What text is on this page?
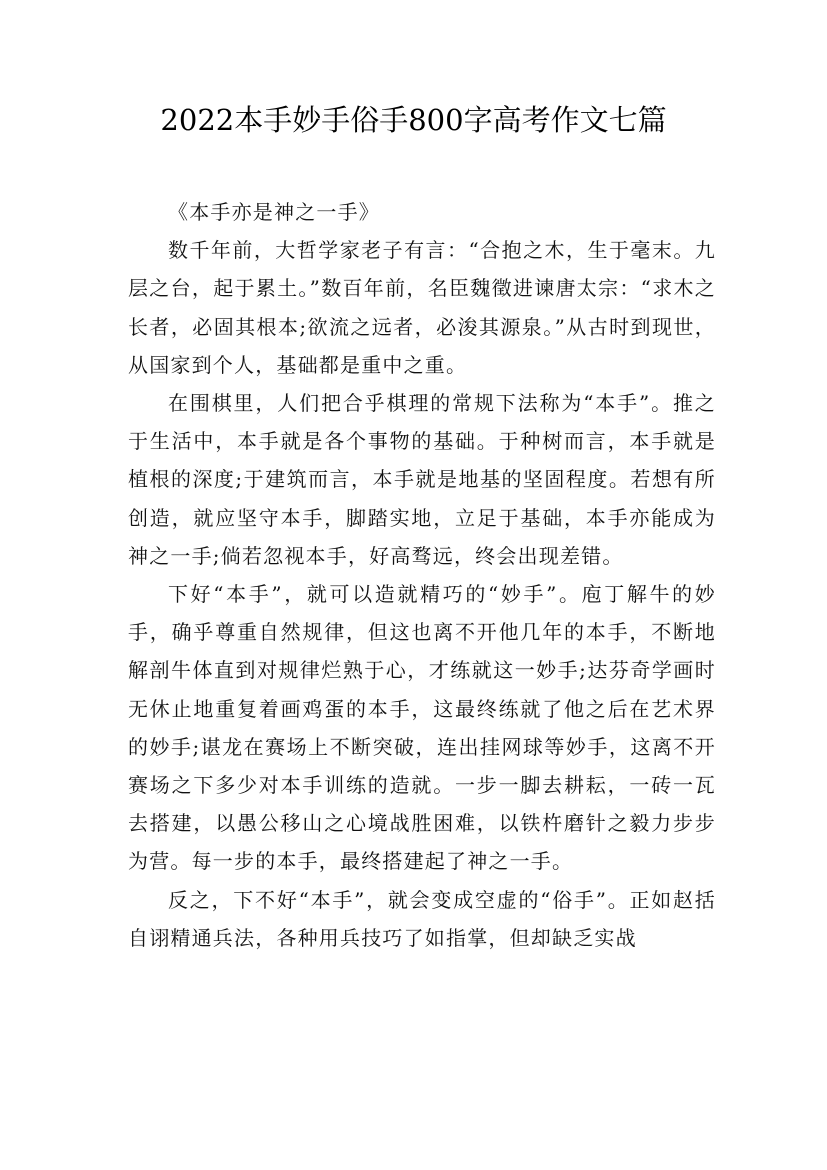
2022本手妙手俗手800字高考作文七篇

《本手亦是神之一手》

数千年前，大哲学家老子有言：“合抱之木，生于毫末。九层之台，起于累土。”数百年前，名臣魏徵进谏唐太宗：“求木之长者，必固其根本;欲流之远者，必浚其源泉。”从古时到现世，从国家到个人，基础都是重中之重。

在围棋里，人们把合乎棋理的常规下法称为“本手”。推之于生活中，本手就是各个事物的基础。于种树而言，本手就是植根的深度;于建筑而言，本手就是地基的坚固程度。若想有所创造，就应坚守本手，脚踏实地，立足于基础，本手亦能成为神之一手;倘若忽视本手，好高骛远，终会出现差错。

下好“本手”，就可以造就精巧的“妙手”。庖丁解牛的妙手，确乎尊重自然规律，但这也离不开他几年的本手，不断地解剖牛体直到对规律烂熟于心，才练就这一妙手;达芬奇学画时无休止地重复着画鸡蛋的本手，这最终练就了他之后在艺术界的妙手;谌龙在赛场上不断突破，连出挂网球等妙手，这离不开赛场之下多少对本手训练的造就。一步一脚去耕耘，一砖一瓦去搭建，以愚公移山之心境战胜困难，以铁杵磨针之毅力步步为营。每一步的本手，最终搭建起了神之一手。

反之，下不好“本手”，就会变成空虚的“俗手”。正如赵括自诩精通兵法，各种用兵技巧了如指掌，但却缺乏实战
